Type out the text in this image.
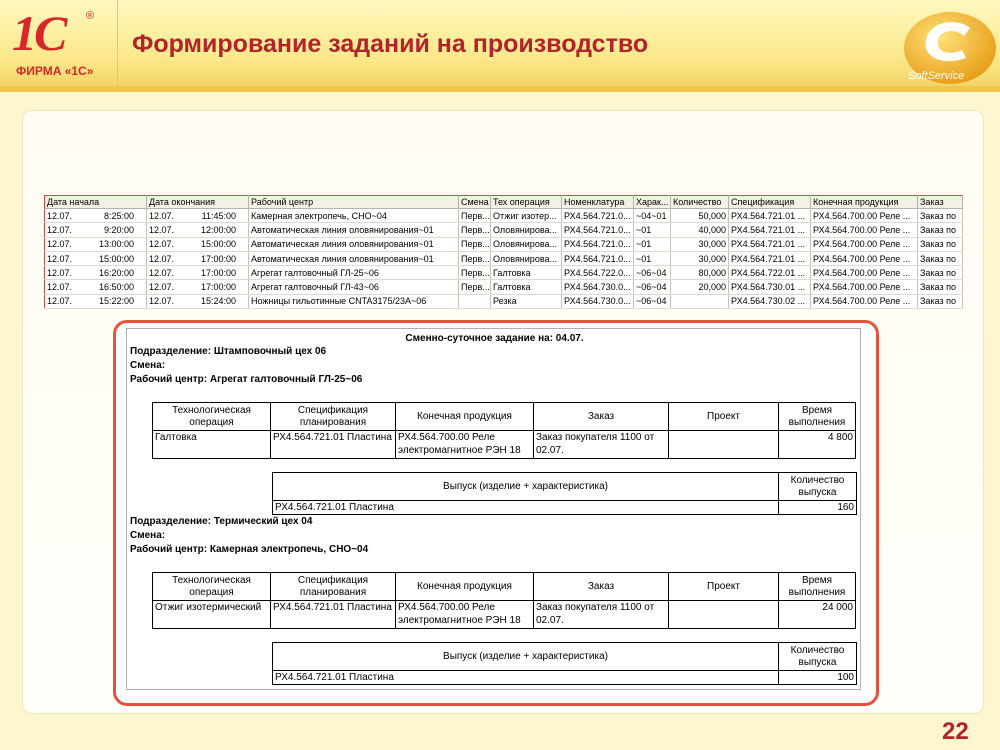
1С ®
ФИРМА «1С»
Формирование заданий на производство
SoftService
Дата начала	Дата окончания	Рабочий центр	Смена	Тех операция	Номенклатура	Харак...	Количество	Спецификация	Конечная продукция	Заказ
12.07. 8:25:00	12.07. 11:45:00	Камерная электропечь, СНО~04	Перв...	Отжиг изотер...	РХ4.564.721.0...	~04~01	50,000	РХ4.564.721.01 ...	РХ4.564.700.00 Реле ...	Заказ по
12.07. 9:20:00	12.07. 12:00:00	Автоматическая линия оловянирования~01	Перв...	Оловянирова...	РХ4.564.721.0...	~01	40,000	РХ4.564.721.01 ...	РХ4.564.700.00 Реле ...	Заказ по
12.07. 13:00:00	12.07. 15:00:00	Автоматическая линия оловянирования~01	Перв...	Оловянирова...	РХ4.564.721.0...	~01	30,000	РХ4.564.721.01 ...	РХ4.564.700.00 Реле ...	Заказ по
12.07. 15:00:00	12.07. 17:00:00	Автоматическая линия оловянирования~01	Перв...	Оловянирова...	РХ4.564.721.0...	~01	30,000	РХ4.564.721.01 ...	РХ4.564.700.00 Реле ...	Заказ по
12.07. 16:20:00	12.07. 17:00:00	Агрегат галтовочный ГЛ-25~06	Перв...	Галтовка	РХ4.564.722.0...	~06~04	80,000	РХ4.564.722.01 ...	РХ4.564.700.00 Реле ...	Заказ по
12.07. 16:50:00	12.07. 17:00:00	Агрегат галтовочный ГЛ-43~06	Перв...	Галтовка	РХ4.564.730.0...	~06~04	20,000	РХ4.564.730.01 ...	РХ4.564.700.00 Реле ...	Заказ по
12.07. 15:22:00	12.07. 15:24:00	Ножницы гильотинные CNTA3175/23А~06		Резка	РХ4.564.730.0...	~06~04		РХ4.564.730.02 ...	РХ4.564.700.00 Реле ...	Заказ по
Сменно-суточное задание на: 04.07.
Подразделение: Штамповочный цех 06
Смена:
Рабочий центр: Агрегат галтовочный ГЛ-25~06
Технологическая операция	Спецификация планирования	Конечная продукция	Заказ	Проект	Время выполнения
Галтовка	РХ4.564.721.01 Пластина	РХ4.564.700.00 Реле электромагнитное РЭН 18	Заказ покупателя 1100 от 02.07.		4 800
Выпуск (изделие + характеристика)	Количество выпуска
РХ4.564.721.01 Пластина	160
Подразделение: Термический цех 04
Смена:
Рабочий центр: Камерная электропечь, СНО~04
Технологическая операция	Спецификация планирования	Конечная продукция	Заказ	Проект	Время выполнения
Отжиг изотермический	РХ4.564.721.01 Пластина	РХ4.564.700.00 Реле электромагнитное РЭН 18	Заказ покупателя 1100 от 02.07.		24 000
Выпуск (изделие + характеристика)	Количество выпуска
РХ4.564.721.01 Пластина	100
22
